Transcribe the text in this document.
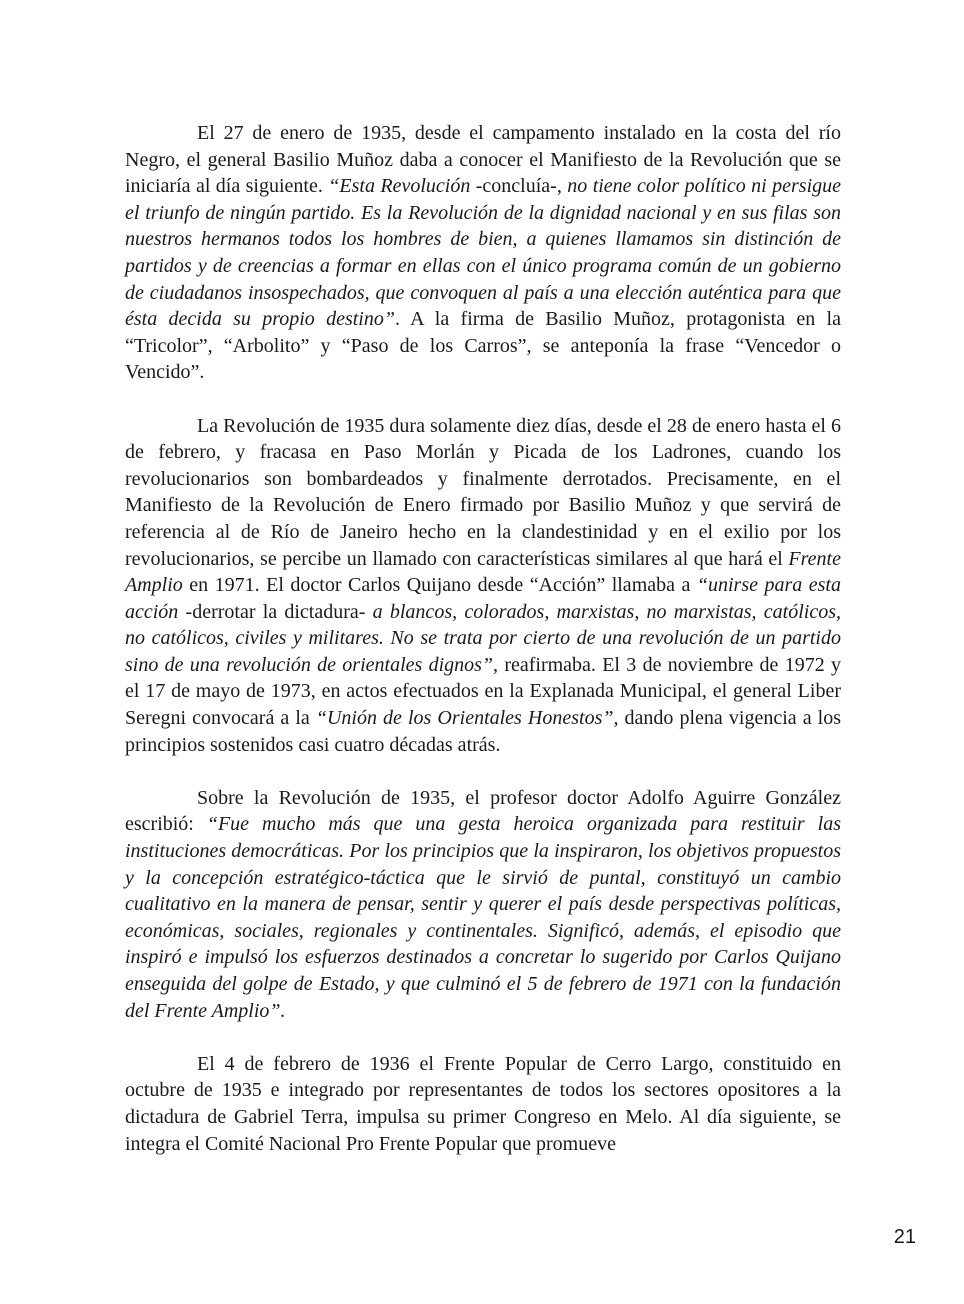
El 27 de enero de 1935, desde el campamento instalado en la costa del río Negro, el general Basilio Muñoz daba a conocer el Manifiesto de la Revolución que se iniciaría al día siguiente. “Esta Revolución -concluía-, no tiene color político ni persigue el triunfo de ningún partido. Es la Revolución de la dignidad nacional y en sus filas son nuestros hermanos todos los hombres de bien, a quienes llamamos sin distinción de partidos y de creencias a formar en ellas con el único programa común de un gobierno de ciudadanos insospechados, que convoquen al país a una elección auténtica para que ésta decida su propio destino”. A la firma de Basilio Muñoz, protagonista en la “Tricolor”, “Arbolito” y “Paso de los Carros”, se anteponía la frase “Vencedor o Vencido”.

La Revolución de 1935 dura solamente diez días, desde el 28 de enero hasta el 6 de febrero, y fracasa en Paso Morlán y Picada de los Ladrones, cuando los revolucionarios son bombardeados y finalmente derrotados. Precisamente, en el Manifiesto de la Revolución de Enero firmado por Basilio Muñoz y que servirá de referencia al de Río de Janeiro hecho en la clandestinidad y en el exilio por los revolucionarios, se percibe un llamado con características similares al que hará el Frente Amplio en 1971. El doctor Carlos Quijano desde “Acción” llamaba a “unirse para esta acción -derrotar la dictadura- a blancos, colorados, marxistas, no marxistas, católicos, no católicos, civiles y militares. No se trata por cierto de una revolución de un partido sino de una revolución de orientales dignos”, reafirmaba. El 3 de noviembre de 1972 y el 17 de mayo de 1973, en actos efectuados en la Explanada Municipal, el general Liber Seregni convocará a la “Unión de los Orientales Honestos”, dando plena vigencia a los principios sostenidos casi cuatro décadas atrás.

Sobre la Revolución de 1935, el profesor doctor Adolfo Aguirre González escribió: “Fue mucho más que una gesta heroica organizada para restituir las instituciones democráticas. Por los principios que la inspiraron, los objetivos propuestos y la concepción estratégico-táctica que le sirvió de puntal, constituyó un cambio cualitativo en la manera de pensar, sentir y querer el país desde perspectivas políticas, económicas, sociales, regionales y continentales. Significó, además, el episodio que inspiró e impulsó los esfuerzos destinados a concretar lo sugerido por Carlos Quijano enseguida del golpe de Estado, y que culminó el 5 de febrero de 1971 con la fundación del Frente Amplio”.

El 4 de febrero de 1936 el Frente Popular de Cerro Largo, constituido en octubre de 1935 e integrado por representantes de todos los sectores opositores a la dictadura de Gabriel Terra, impulsa su primer Congreso en Melo. Al día siguiente, se integra el Comité Nacional Pro Frente Popular que promueve

21
